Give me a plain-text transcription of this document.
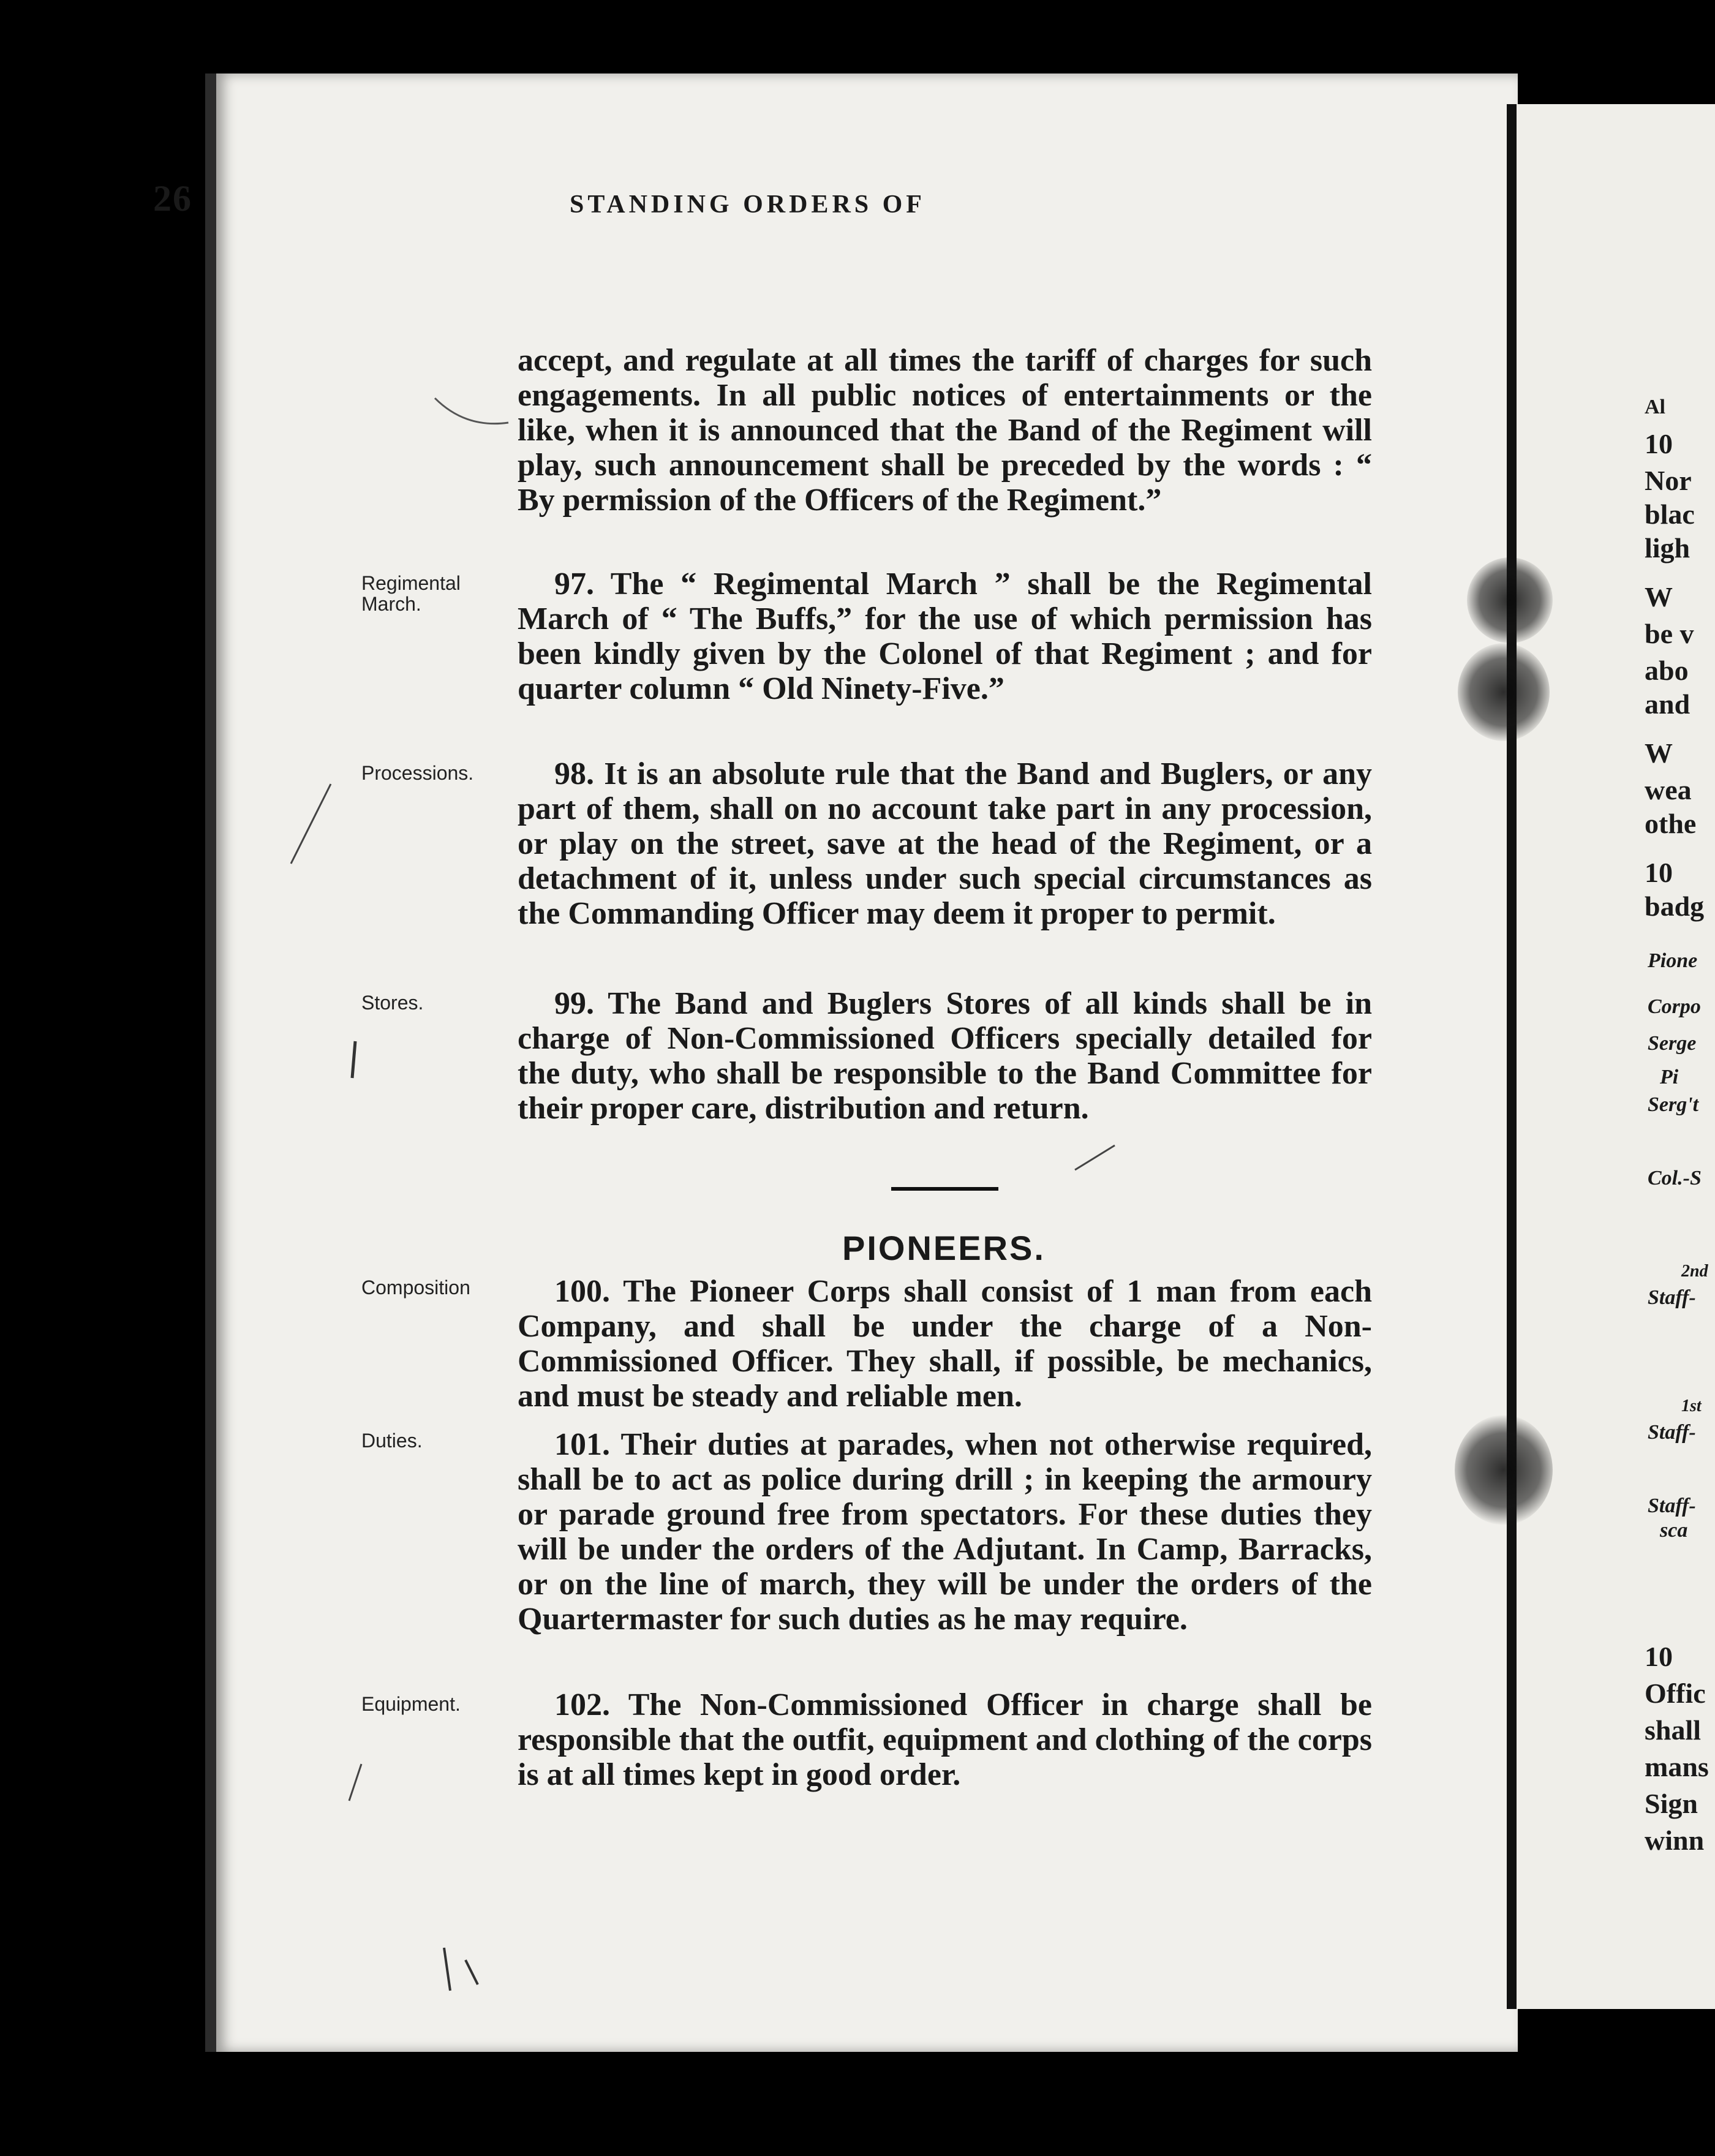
26	STANDING ORDERS OF
accept, and regulate at all times the tariff of charges for such engagements. In all public notices of entertainments or the like, when it is announced that the Band of the Regiment will play, such announcement shall be preceded by the words : “ By permission of the Officers of the Regiment.”
Regimental March.

97. The “ Regimental March ” shall be the Regimental March of “ The Buffs,” for the use of which permission has been kindly given by the Colonel of that Regiment ; and for quarter column “ Old Ninety-Five.”

Processions.	98. It is an absolute rule that the Band and Buglers, or any part of them, shall on no account take part in any procession, or play on the street, save at the head of the Regiment, or a detachment of it, unless under such special circumstances as the Commanding Officer may deem it proper to permit.

Stores.	99. The Band and Buglers Stores of all kinds shall be in charge of Non-Commissioned Officers specially detailed for the duty, who shall be responsible to the Band Committee for their proper care, distribution and return.

PIONEERS.
Composition	100. The Pioneer Corps shall consist of 1 man from each Company, and shall be under the charge of a Non-Commissioned Officer. They shall, if possible, be mechanics, and must be steady and reliable men.

Duties.	101. Their duties at parades, when not otherwise required, shall be to act as police during drill ; in keeping the armoury or parade ground free from spectators. For these duties they will be under the orders of the Adjutant. In Camp, Barracks, or on the line of march, they will be under the orders of the Quartermaster for such duties as he may require.

Equipment.	102. The Non-Commissioned Officer in charge shall be responsible that the outfit, equipment and clothing of the corps is at all times kept in good order.

Al
10
Nor
blac
ligh
W
be v
abo
and
W
wea
othe
10
badg
Pione
Corpo
Serge
Pi
Serg't
Col.-S
2nd
Staff-
1st
Staff-
Staff-
sca
10
Offic
shall
mans
Sign
winn
